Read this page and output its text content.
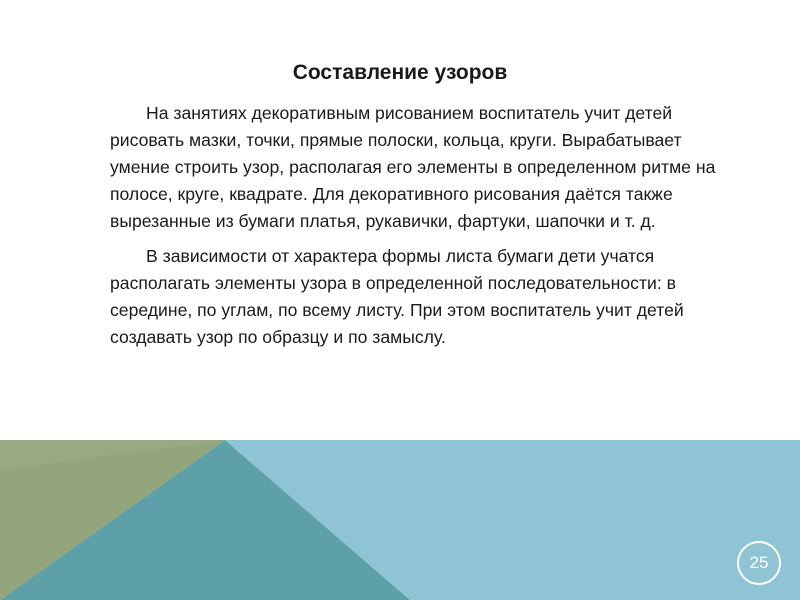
Составление узоров

На занятиях декоративным рисованием воспитатель учит детей рисовать мазки, точки, прямые полоски, кольца, круги. Вырабатывает умение строить узор, располагая его элементы в определенном ритме на полосе, круге, квадрате. Для декоративного рисования даётся также вырезанные из бумаги платья, рукавички, фартуки, шапочки и т. д.

В зависимости от характера формы листа бумаги дети учатся располагать элементы узора в определенной последовательности: в середине, по углам, по всему листу. При этом воспитатель учит детей создавать узор по образцу и по замыслу.

25
